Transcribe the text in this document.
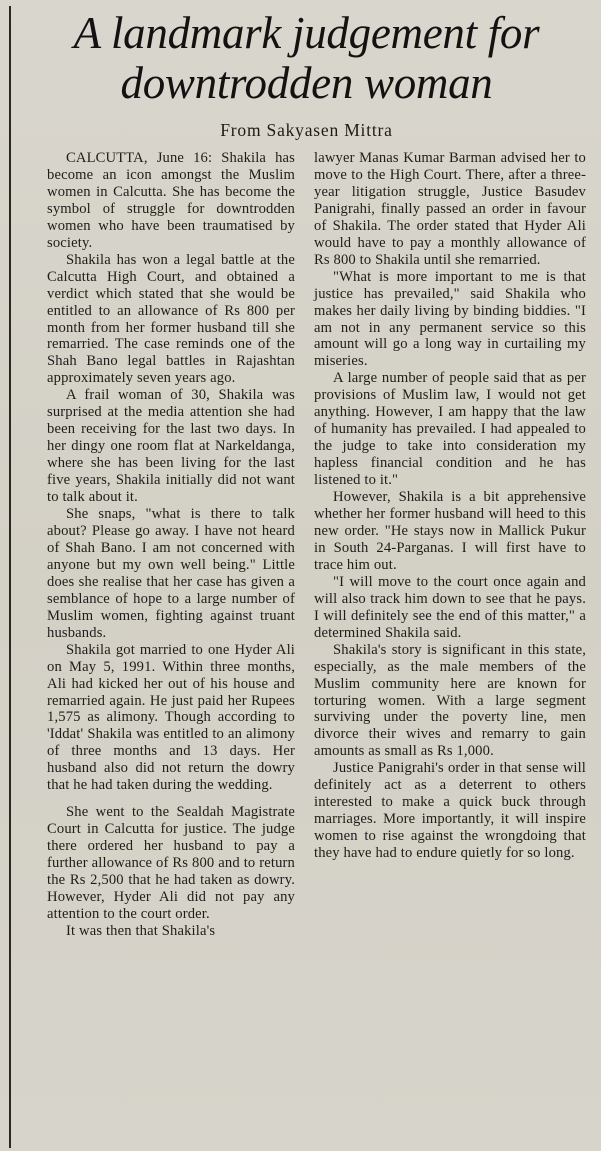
A landmark judgement for downtrodden woman
From Sakyasen Mittra

CALCUTTA, June 16: Shakila has become an icon amongst the Muslim women in Calcutta. She has become the symbol of struggle for downtrodden women who have been traumatised by society.

Shakila has won a legal battle at the Calcutta High Court, and obtained a verdict which stated that she would be entitled to an allowance of Rs 800 per month from her former husband till she remarried. The case reminds one of the Shah Bano legal battles in Rajashtan approximately seven years ago.

A frail woman of 30, Shakila was surprised at the media attention she had been receiving for the last two days. In her dingy one room flat at Narkeldanga, where she has been living for the last five years, Shakila initially did not want to talk about it.

She snaps, "what is there to talk about? Please go away. I have not heard of Shah Bano. I am not concerned with anyone but my own well being." Little does she realise that her case has given a semblance of hope to a large number of Muslim women, fighting against truant husbands.

Shakila got married to one Hyder Ali on May 5, 1991. Within three months, Ali had kicked her out of his house and remarried again. He just paid her Rupees 1,575 as alimony. Though according to 'Iddat' Shakila was entitled to an alimony of three months and 13 days. Her husband also did not return the dowry that he had taken during the wedding.

She went to the Sealdah Magistrate Court in Calcutta for justice. The judge there ordered her husband to pay a further allowance of Rs 800 and to return the Rs 2,500 that he had taken as dowry. However, Hyder Ali did not pay any attention to the court order.

It was then that Shakila's

lawyer Manas Kumar Barman advised her to move to the High Court. There, after a three-year litigation struggle, Justice Basudev Panigrahi, finally passed an order in favour of Shakila. The order stated that Hyder Ali would have to pay a monthly allowance of Rs 800 to Shakila until she remarried.

"What is more important to me is that justice has prevailed," said Shakila who makes her daily living by binding biddies. "I am not in any permanent service so this amount will go a long way in curtailing my miseries.

A large number of people said that as per provisions of Muslim law, I would not get anything. However, I am happy that the law of humanity has prevailed. I had appealed to the judge to take into consideration my hapless financial condition and he has listened to it."

However, Shakila is a bit apprehensive whether her former husband will heed to this new order. "He stays now in Mallick Pukur in South 24-Parganas. I will first have to trace him out.

"I will move to the court once again and will also track him down to see that he pays. I will definitely see the end of this matter," a determined Shakila said.

Shakila's story is significant in this state, especially, as the male members of the Muslim community here are known for torturing women. With a large segment surviving under the poverty line, men divorce their wives and remarry to gain amounts as small as Rs 1,000.

Justice Panigrahi's order in that sense will definitely act as a deterrent to others interested to make a quick buck through marriages. More importantly, it will inspire women to rise against the wrongdoing that they have had to endure quietly for so long.
